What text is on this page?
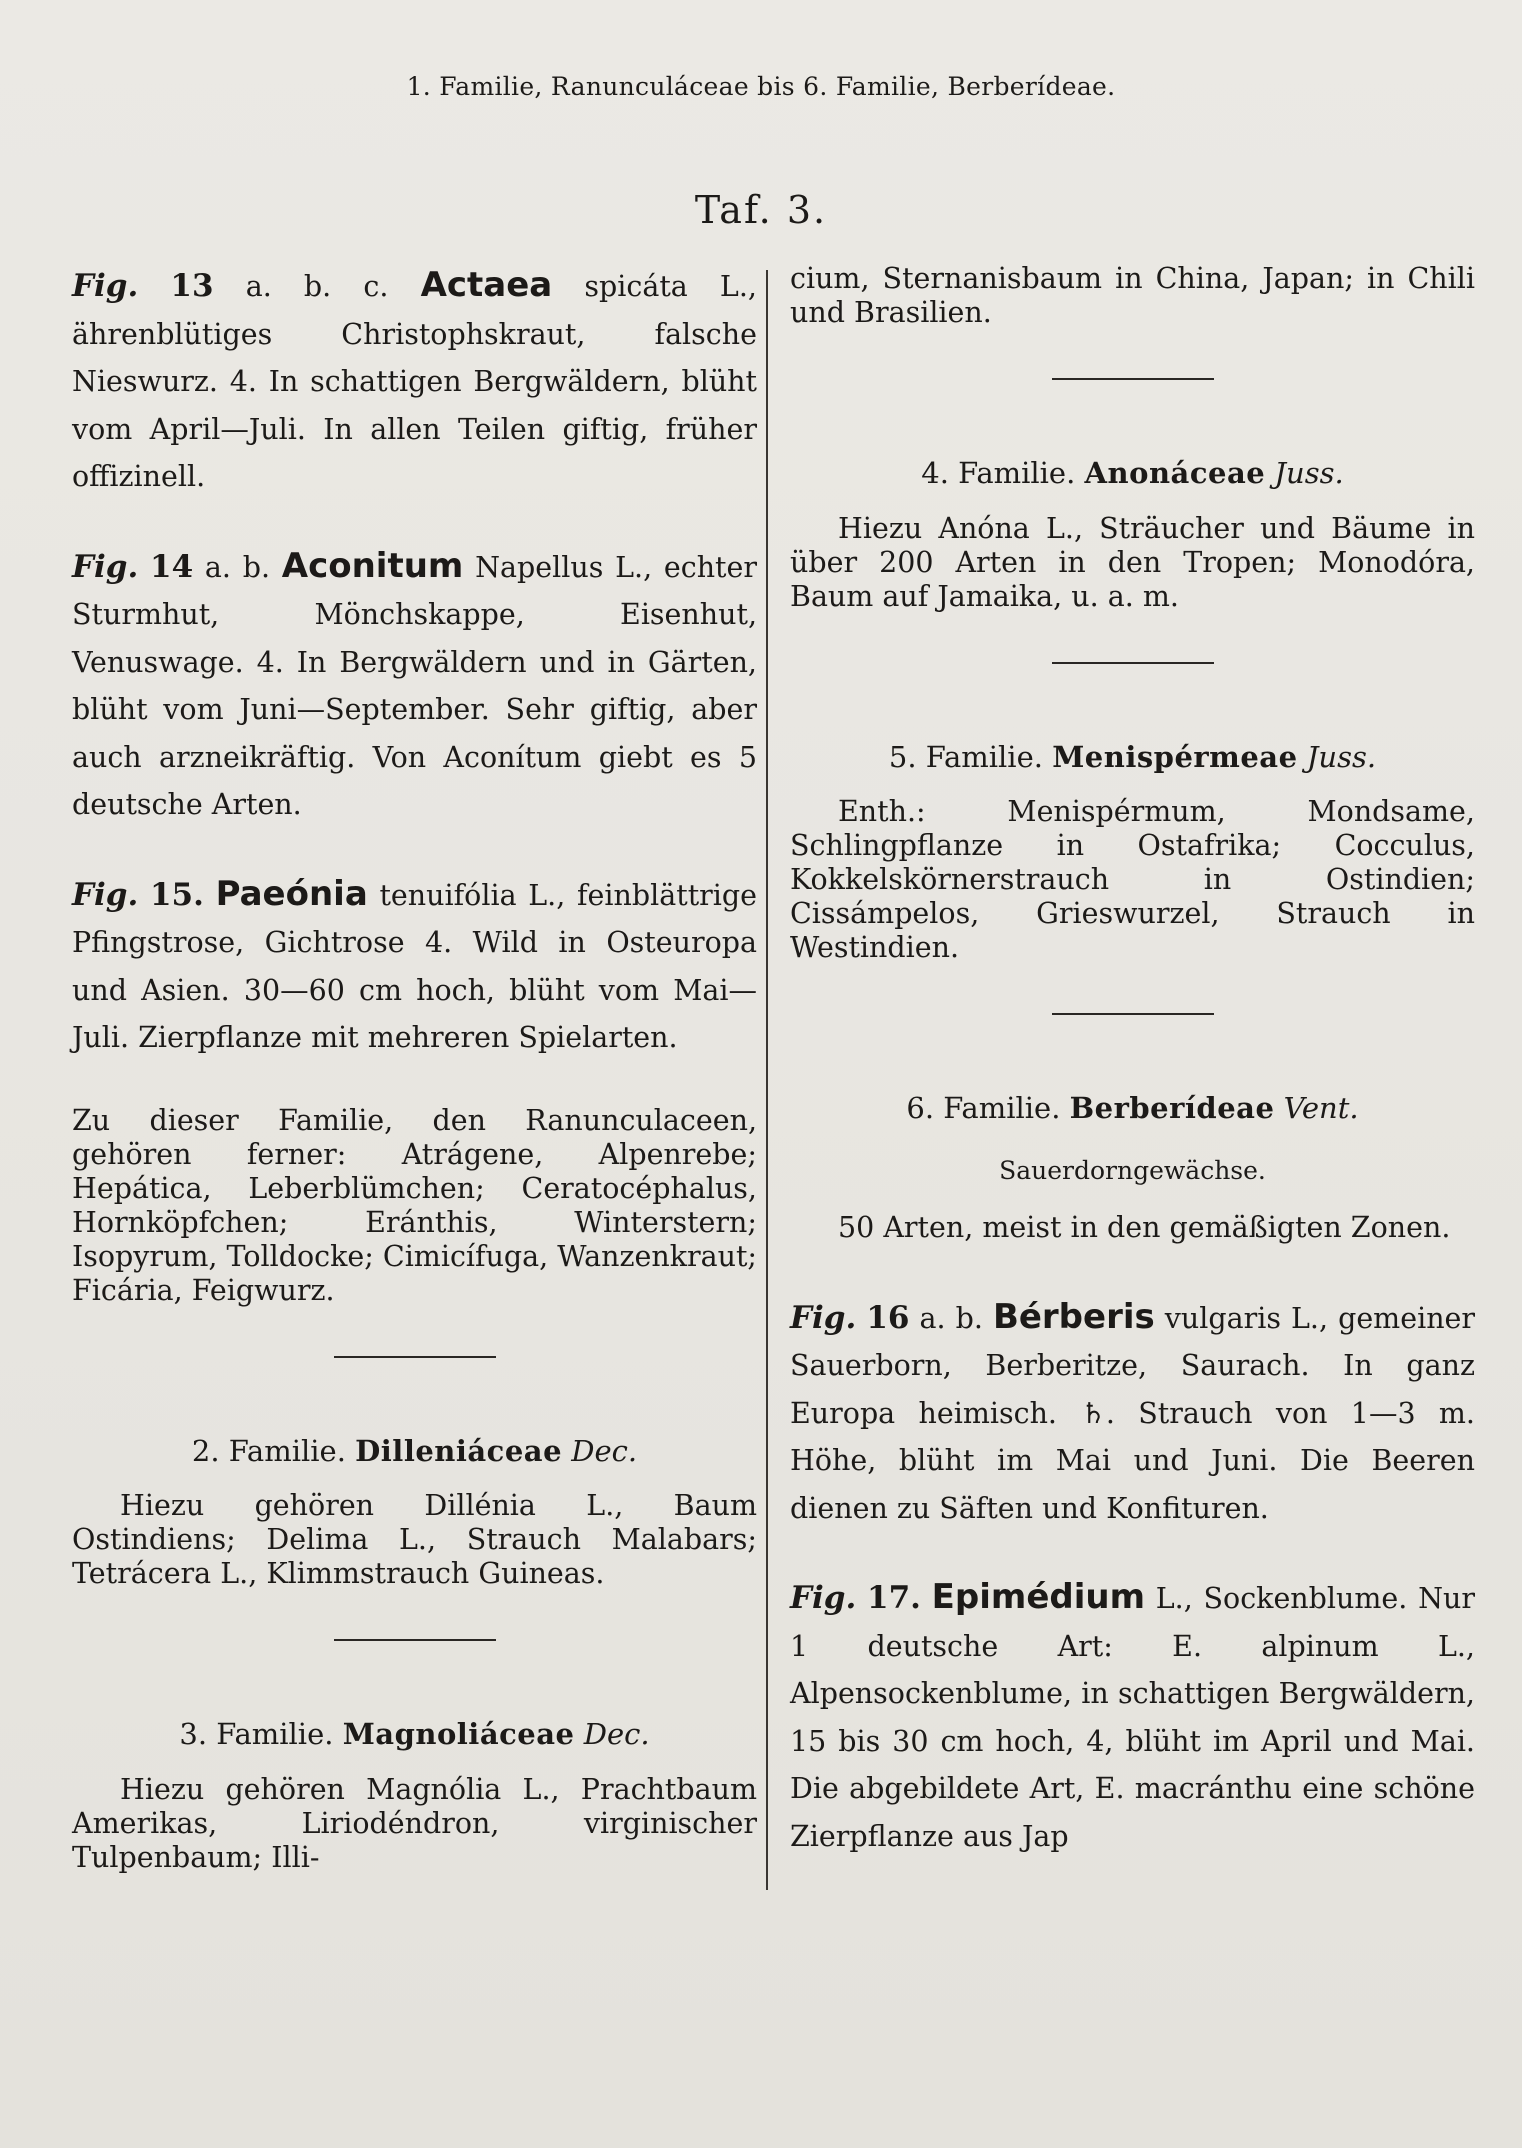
1. Familie, Ranunculáceae bis 6. Familie, Berberídeae.
Taf. 3.

Fig. 13 a. b. c. Actaea spicáta L., ährenblütiges Christophskraut, falsche Nieswurz. 4. In schattigen Bergwäldern, blüht vom April—Juli. In allen Teilen giftig, früher offizinell.

Fig. 14 a. b. Aconitum Napellus L., echter Sturmhut, Mönchskappe, Eisenhut, Venuswage. 4. In Bergwäldern und in Gärten, blüht vom Juni—September. Sehr giftig, aber auch arzneikräftig. Von Aconítum giebt es 5 deutsche Arten.

Fig. 15. Paeónia tenuifólia L., feinblättrige Pfingstrose, Gichtrose 4. Wild in Osteuropa und Asien. 30—60 cm hoch, blüht vom Mai—Juli. Zierpflanze mit mehreren Spielarten.

Zu dieser Familie, den Ranunculaceen, gehören ferner: Atrágene, Alpenrebe; Hepática, Leberblümchen; Ceratocéphalus, Hornköpfchen; Eránthis, Winterstern; Isopyrum, Tolldocke; Cimicífuga, Wanzenkraut; Ficária, Feigwurz.

2. Familie. Dilleniáceae Dec.

Hiezu gehören Dillénia L., Baum Ostindiens; Delima L., Strauch Malabars; Tetrácera L., Klimmstrauch Guineas.

3. Familie. Magnoliáceae Dec.

Hiezu gehören Magnólia L., Prachtbaum Amerikas, Liriodéndron, virginischer Tulpenbaum; Illi-

cium, Sternanisbaum in China, Japan; in Chili und Brasilien.

4. Familie. Anonáceae Juss.

Hiezu Anóna L., Sträucher und Bäume in über 200 Arten in den Tropen; Monodóra, Baum auf Jamaika, u. a. m.

5. Familie. Menispérmeae Juss.

Enth.: Menispérmum, Mondsame, Schlingpflanze in Ostafrika; Cocculus, Kokkelskörnerstrauch in Ostindien; Cissámpelos, Grieswurzel, Strauch in Westindien.

6. Familie. Berberídeae Vent.

Sauerdorngewächse.

50 Arten, meist in den gemäßigten Zonen.

Fig. 16 a. b. Bérberis vulgaris L., gemeiner Sauerborn, Berberitze, Saurach. In ganz Europa heimisch. ♄. Strauch von 1—3 m. Höhe, blüht im Mai und Juni. Die Beeren dienen zu Säften und Konfituren.

Fig. 17. Epimédium L., Sockenblume. Nur 1 deutsche Art: E. alpinum L., Alpensockenblume, in schattigen Bergwäldern, 15 bis 30 cm hoch, 4, blüht im April und Mai. Die abgebildete Art, E. macránthu eine schöne Zierpflanze aus Jap
